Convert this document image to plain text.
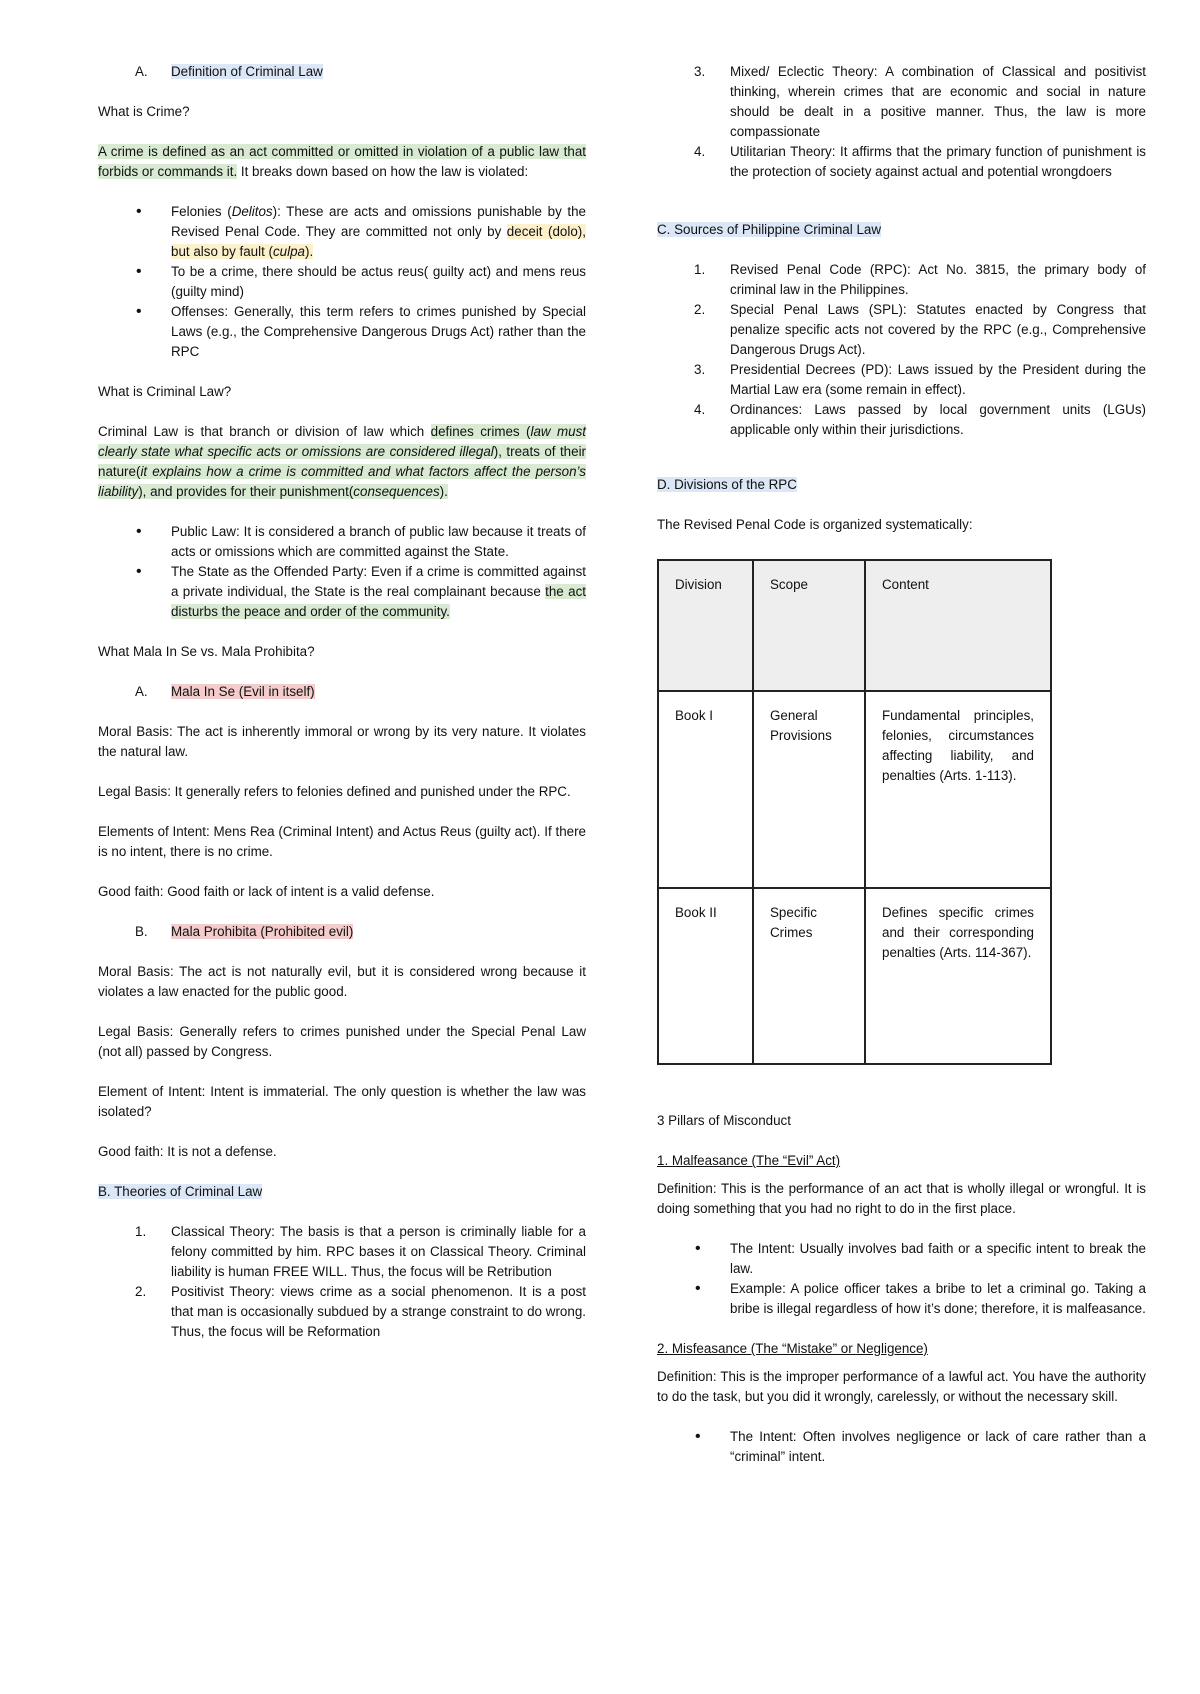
A. Definition of Criminal Law

What is Crime?

A crime is defined as an act committed or omitted in violation of a public law that forbids or commands it. It breaks down based on how the law is violated:

• Felonies (Delitos): These are acts and omissions punishable by the Revised Penal Code. They are committed not only by deceit (dolo), but also by fault (culpa).
• To be a crime, there should be actus reus( guilty act) and mens reus (guilty mind)
• Offenses: Generally, this term refers to crimes punished by Special Laws (e.g., the Comprehensive Dangerous Drugs Act) rather than the RPC

What is Criminal Law?

Criminal Law is that branch or division of law which defines crimes (law must clearly state what specific acts or omissions are considered illegal), treats of their nature(it explains how a crime is committed and what factors affect the person’s liability), and provides for their punishment(consequences).

• Public Law: It is considered a branch of public law because it treats of acts or omissions which are committed against the State.
• The State as the Offended Party: Even if a crime is committed against a private individual, the State is the real complainant because the act disturbs the peace and order of the community.

What Mala In Se vs. Mala Prohibita?

A. Mala In Se (Evil in itself)

Moral Basis: The act is inherently immoral or wrong by its very nature. It violates the natural law.

Legal Basis: It generally refers to felonies defined and punished under the RPC.

Elements of Intent: Mens Rea (Criminal Intent) and Actus Reus (guilty act). If there is no intent, there is no crime.

Good faith: Good faith or lack of intent is a valid defense.

B. Mala Prohibita (Prohibited evil)

Moral Basis: The act is not naturally evil, but it is considered wrong because it violates a law enacted for the public good.

Legal Basis: Generally refers to crimes punished under the Special Penal Law (not all) passed by Congress.

Element of Intent: Intent is immaterial. The only question is whether the law was isolated?

Good faith: It is not a defense.

B. Theories of Criminal Law

1. Classical Theory: The basis is that a person is criminally liable for a felony committed by him. RPC bases it on Classical Theory. Criminal liability is human FREE WILL. Thus, the focus will be Retribution
2. Positivist Theory: views crime as a social phenomenon. It is a post that man is occasionally subdued by a strange constraint to do wrong. Thus, the focus will be Reformation
3. Mixed/ Eclectic Theory: A combination of Classical and positivist thinking, wherein crimes that are economic and social in nature should be dealt in a positive manner. Thus, the law is more compassionate
4. Utilitarian Theory: It affirms that the primary function of punishment is the protection of society against actual and potential wrongdoers

C. Sources of Philippine Criminal Law

1. Revised Penal Code (RPC): Act No. 3815, the primary body of criminal law in the Philippines.
2. Special Penal Laws (SPL): Statutes enacted by Congress that penalize specific acts not covered by the RPC (e.g., Comprehensive Dangerous Drugs Act).
3. Presidential Decrees (PD): Laws issued by the President during the Martial Law era (some remain in effect).
4. Ordinances: Laws passed by local government units (LGUs) applicable only within their jurisdictions.

D. Divisions of the RPC

The Revised Penal Code is organized systematically:

Division	Scope	Content
Book I	General Provisions	Fundamental principles, felonies, circumstances affecting liability, and penalties (Arts. 1-113).
Book II	Specific Crimes	Defines specific crimes and their corresponding penalties (Arts. 114-367).

3 Pillars of Misconduct

1. Malfeasance (The “Evil” Act)

Definition: This is the performance of an act that is wholly illegal or wrongful. It is doing something that you had no right to do in the first place.

• The Intent: Usually involves bad faith or a specific intent to break the law.
• Example: A police officer takes a bribe to let a criminal go. Taking a bribe is illegal regardless of how it’s done; therefore, it is malfeasance.

2. Misfeasance (The “Mistake” or Negligence)

Definition: This is the improper performance of a lawful act. You have the authority to do the task, but you did it wrongly, carelessly, or without the necessary skill.

• The Intent: Often involves negligence or lack of care rather than a “criminal” intent.
